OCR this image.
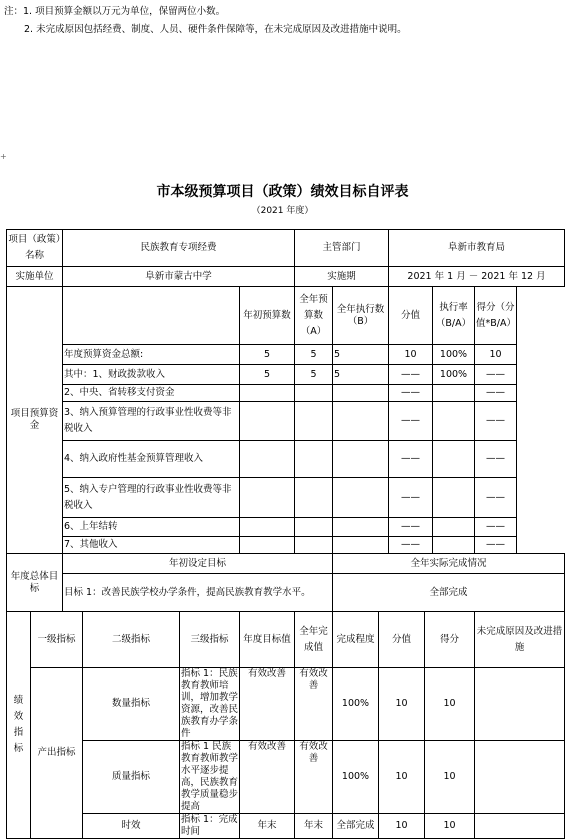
注：1. 项目预算金额以万元为单位，保留两位小数。
2. 未完成原因包括经费、制度、人员、硬件条件保障等，在未完成原因及改进措施中说明。
+
市本级预算项目（政策）绩效目标自评表
（2021 年度）
项目（政策）名称		民族教育专项经费				主管部门			阜新市教育局			
实施单位		阜新市蒙古中学				实施期			2021 年 1 月 － 2021 年 12 月			
项目预算资金					年初预算数	全年预算数（A）	全年执行数（B）		分值		执行率（B/A）	得分（分值*B/A）
		年度预算资金总额:			5	5	5		10		100%	10
		其中：1、财政拨款收入			5	5	5		——		100%	——
		2、中央、省转移支付资金							——			——
		3、纳入预算管理的行政事业性收费等非税收入							——			——
		4、纳入政府性基金预算管理收入							——			——
		5、纳入专户管理的行政事业性收费等非税收入							——			——
		6、上年结转							——			——
		7、其他收入							——			——
年度总体目标		年初设定目标					全年实际完成情况					
		目标 1：改善民族学校办学条件，提高民族教育教学水平。					全部完成					
绩效指标	一级指标		二级指标	三级指标	年度目标值	全年完成值	完成程度	分值		得分		未完成原因及改进措施
	产出指标		数量指标	指标 1：民族教育教师培训，增加教学资源，改善民族教育办学条件	有效改善	有效改善	100%	10		10		
			质量指标	指标 1 民族教育教师教学水平逐步提高，民族教育教学质量稳步提高	有效改善	有效改善	100%	10		10		
			时效	指标 1：完成时间	年末	年末	全部完成	10		10		
